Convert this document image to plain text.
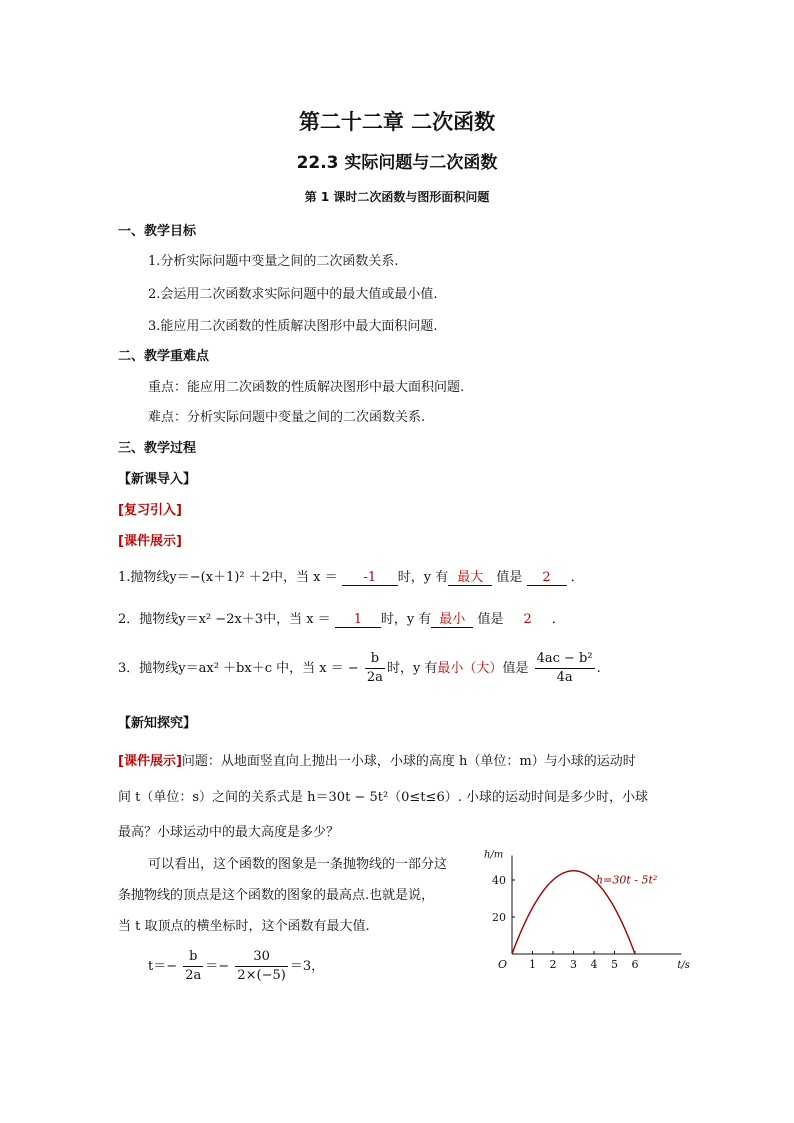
第二十二章 二次函数
22.3 实际问题与二次函数
第 1 课时二次函数与图形面积问题
一、教学目标
1.分析实际问题中变量之间的二次函数关系.
2.会运用二次函数求实际问题中的最大值或最小值.
3.能应用二次函数的性质解决图形中最大面积问题.
二、教学重难点
重点：能应用二次函数的性质解决图形中最大面积问题.
难点：分析实际问题中变量之间的二次函数关系.
三、教学过程
【新课导入】
[复习引入]
[课件展示]
1.抛物线y＝−(x＋1)² ＋2中，当 x ＝ -1 时，y 有 最大 值是 2 ．
2．抛物线y＝x² −2x＋3中，当 x ＝ 1 时，y 有 最小 值是 2 ．
3．抛物线y＝ax² ＋bx＋c 中，当 x ＝ − $\frac{b}{2a}$ 时，y 有最小（大）值是 $\frac{\text{4ac − b²}}{4a}$ .
【新知探究】
[课件展示]问题：从地面竖直向上抛出一小球，小球的高度 h（单位：m）与小球的运动时
间 t（单位：s）之间的关系式是 h＝30t − 5t²（0≤t≤6）. 小球的运动时间是多少时，小球
最高？小球运动中的最大高度是多少？
可以看出，这个函数的图象是一条抛物线的一部分这
条抛物线的顶点是这个函数的图象的最高点.也就是说，
当 t 取顶点的横坐标时，这个函数有最大值.
$t=- \frac{b}{2a} =- \frac{30}{2\times(-5)} =3$，	1 2 3 4 5 6
20
40
O	t/s
h/m
h=30t - 5t²
